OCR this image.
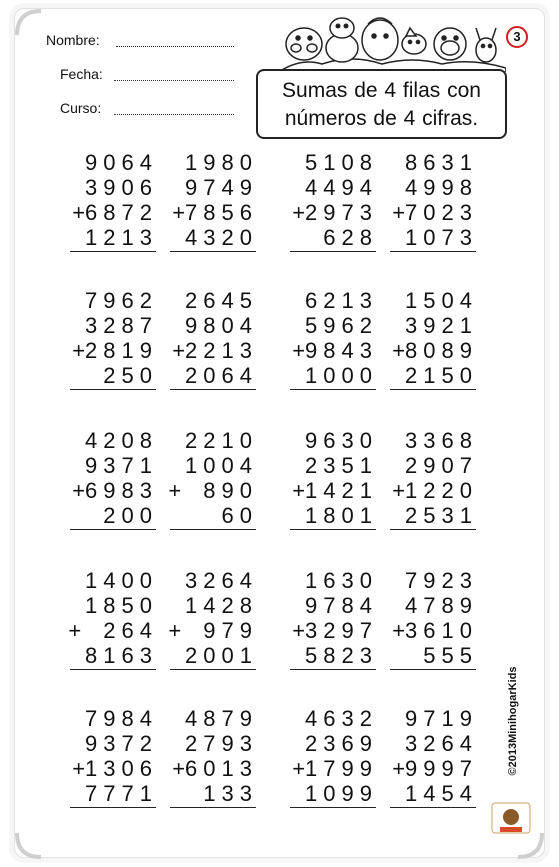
Nombre:
Fecha:
Curso:
3
Sumas de 4 filas con
números de 4 cifras.
9064
3906
+6872
1213
1980
9749
+7856
4320
5108
4494
+2973
628
8631
4998
+7023
1073
7962
3287
+2819
250
2645
9804
+2213
2064
6213
5962
+9843
1000
1504
3921
+8089
2150
4208
9371
+6983
200
2210
1004
+ 890
60
9630
2351
+1421
1801
3368
2907
+1220
2531
1400
1850
+ 264
8163
3264
1428
+ 979
2001
1630
9784
+3297
5823
7923
4789
+3610
555
7984
9372
+1306
7771
4879
2793
+6013
133
4632
2369
+1799
1099
9719
3264
+9997
1454
©2013MinihogarKids
